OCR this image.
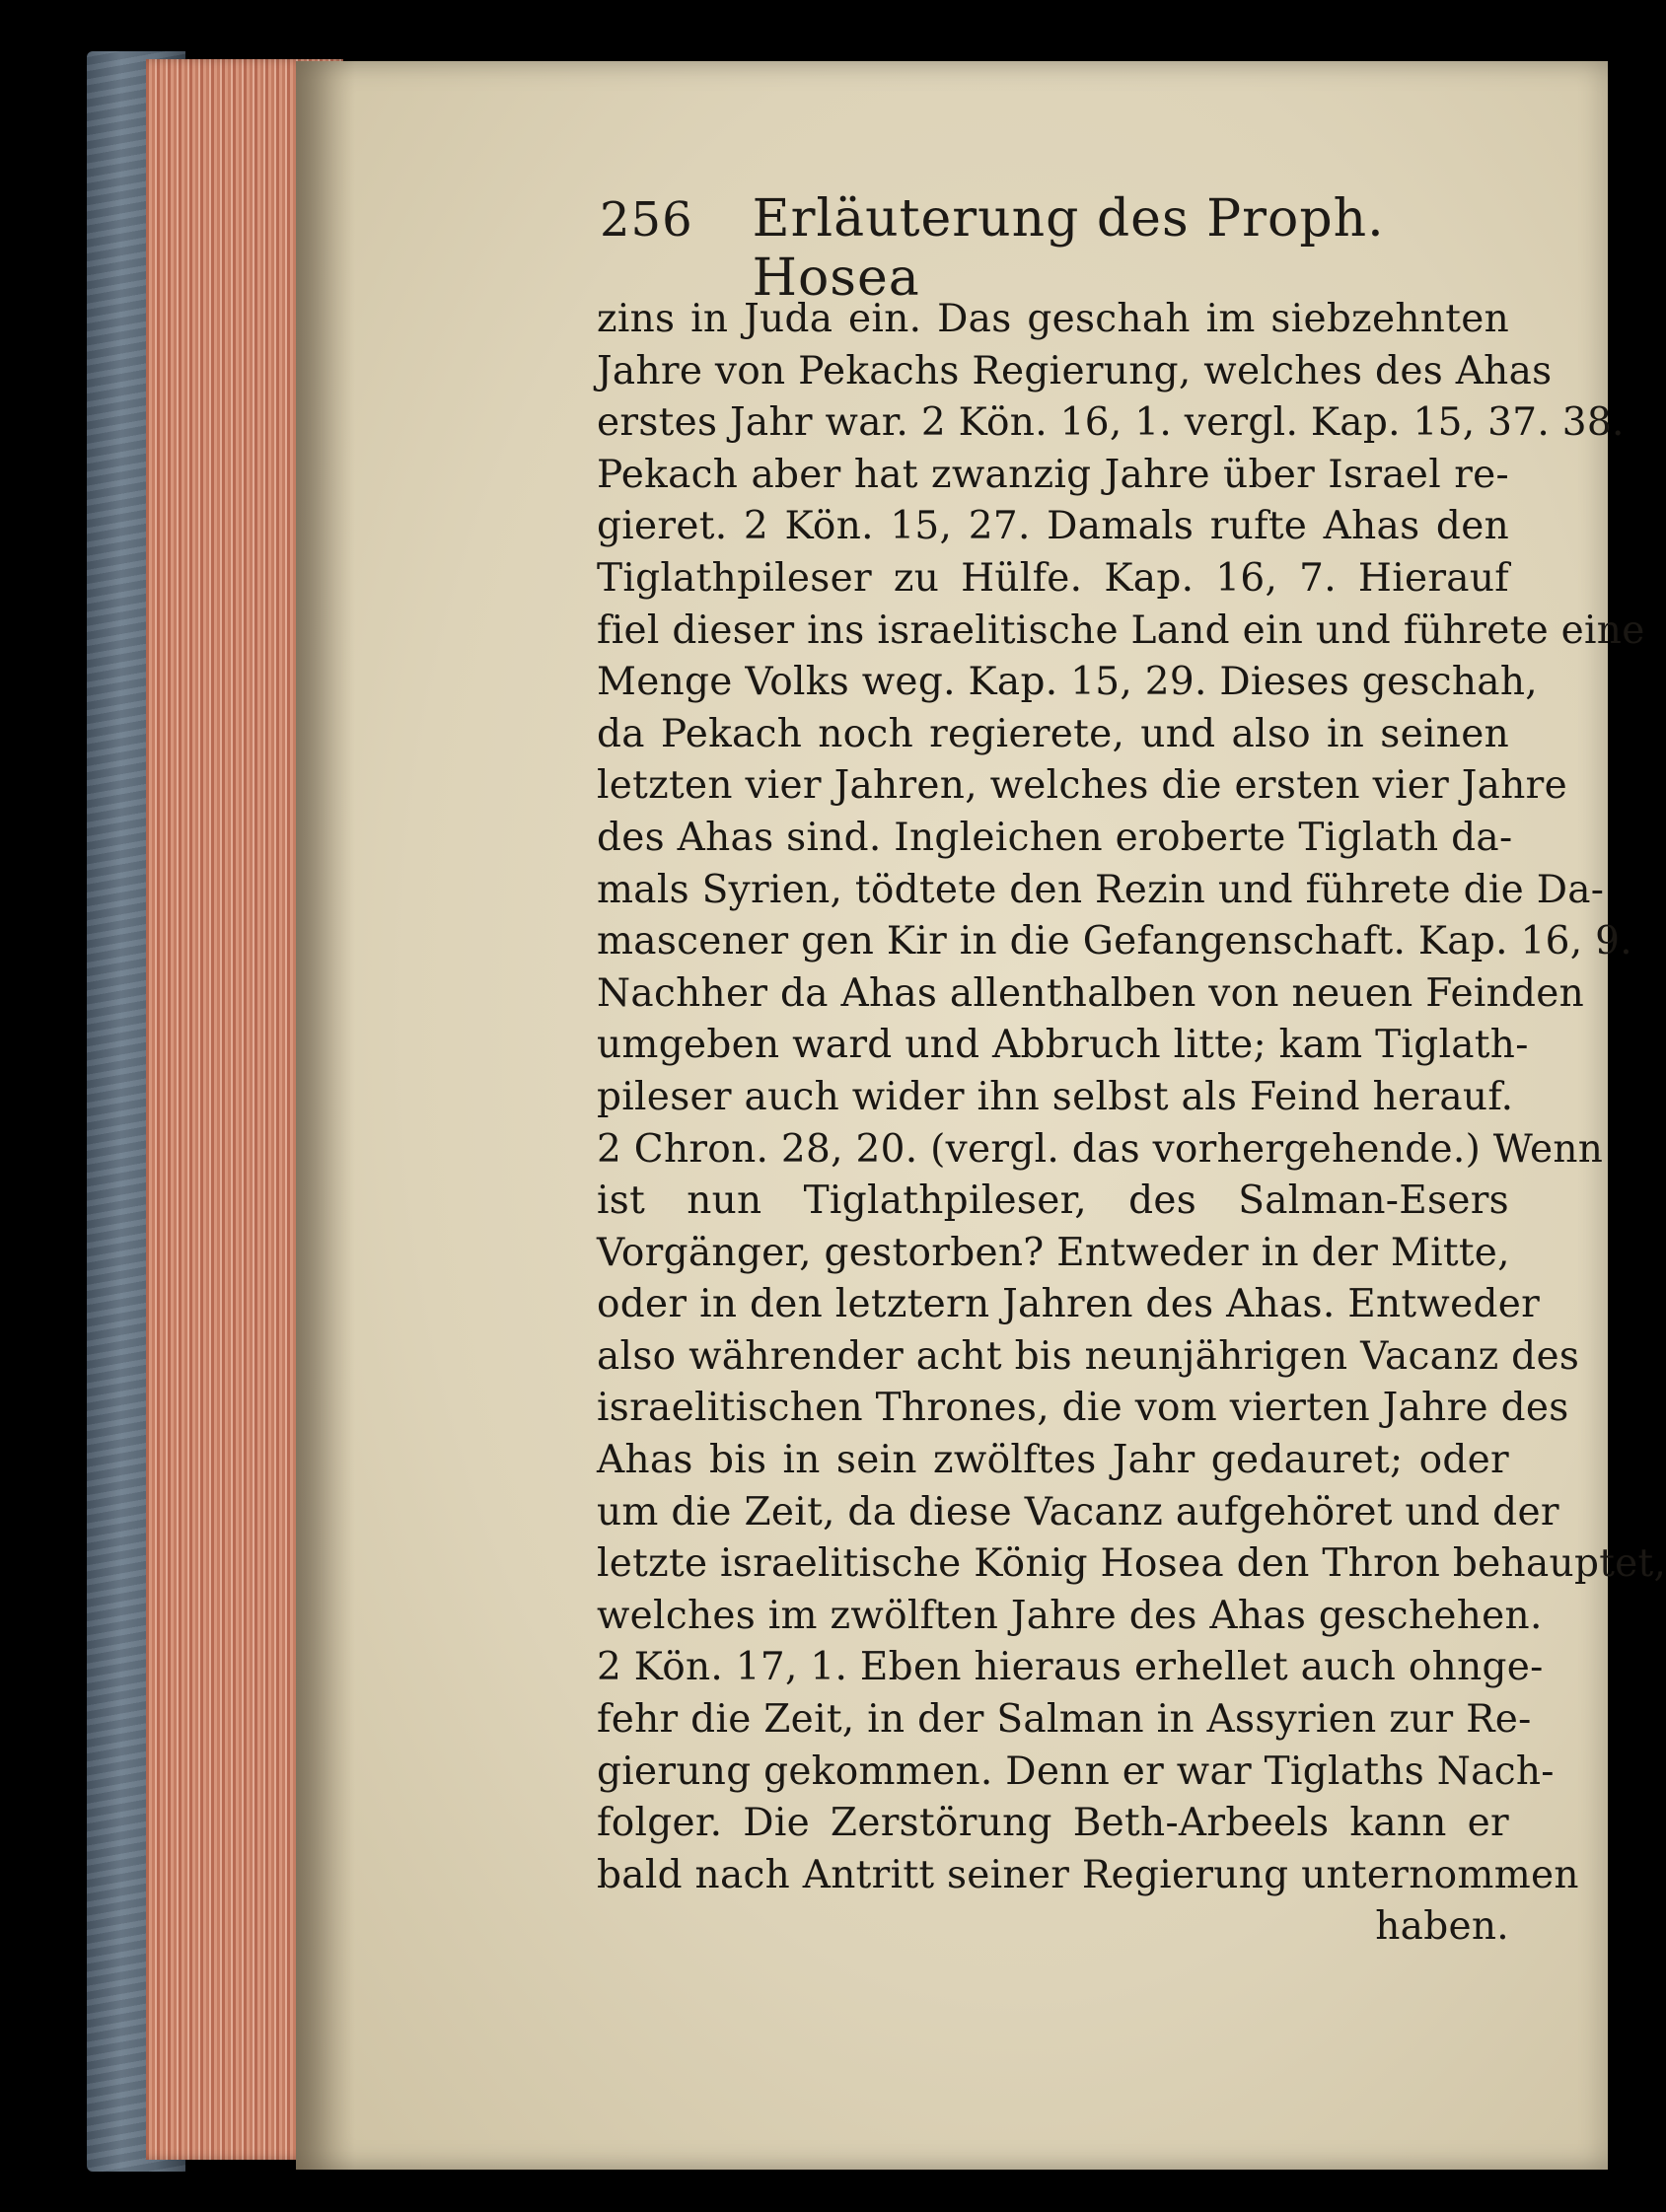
256 Erläuterung des Proph. Hosea
zins in Juda ein. Das geschah im siebzehnten
Jahre von Pekachs Regierung, welches des Ahas
erstes Jahr war. 2 Kön. 16, 1. vergl. Kap. 15, 37. 38.
Pekach aber hat zwanzig Jahre über Israel re-
gieret. 2 Kön. 15, 27. Damals rufte Ahas den
Tiglathpileser zu Hülfe. Kap. 16, 7. Hierauf
fiel dieser ins israelitische Land ein und führete eine
Menge Volks weg. Kap. 15, 29. Dieses geschah,
da Pekach noch regierete, und also in seinen
letzten vier Jahren, welches die ersten vier Jahre
des Ahas sind. Ingleichen eroberte Tiglath da-
mals Syrien, tödtete den Rezin und führete die Da-
mascener gen Kir in die Gefangenschaft. Kap. 16, 9.
Nachher da Ahas allenthalben von neuen Feinden
umgeben ward und Abbruch litte; kam Tiglath-
pileser auch wider ihn selbst als Feind herauf.
2 Chron. 28, 20. (vergl. das vorhergehende.) Wenn
ist nun Tiglathpileser, des Salman-Esers
Vorgänger, gestorben? Entweder in der Mitte,
oder in den letztern Jahren des Ahas. Entweder
also währender acht bis neunjährigen Vacanz des
israelitischen Thrones, die vom vierten Jahre des
Ahas bis in sein zwölftes Jahr gedauret; oder
um die Zeit, da diese Vacanz aufgehöret und der
letzte israelitische König Hosea den Thron behauptet,
welches im zwölften Jahre des Ahas geschehen.
2 Kön. 17, 1. Eben hieraus erhellet auch ohnge-
fehr die Zeit, in der Salman in Assyrien zur Re-
gierung gekommen. Denn er war Tiglaths Nach-
folger. Die Zerstörung Beth-Arbeels kann er
bald nach Antritt seiner Regierung unternommen
haben.
